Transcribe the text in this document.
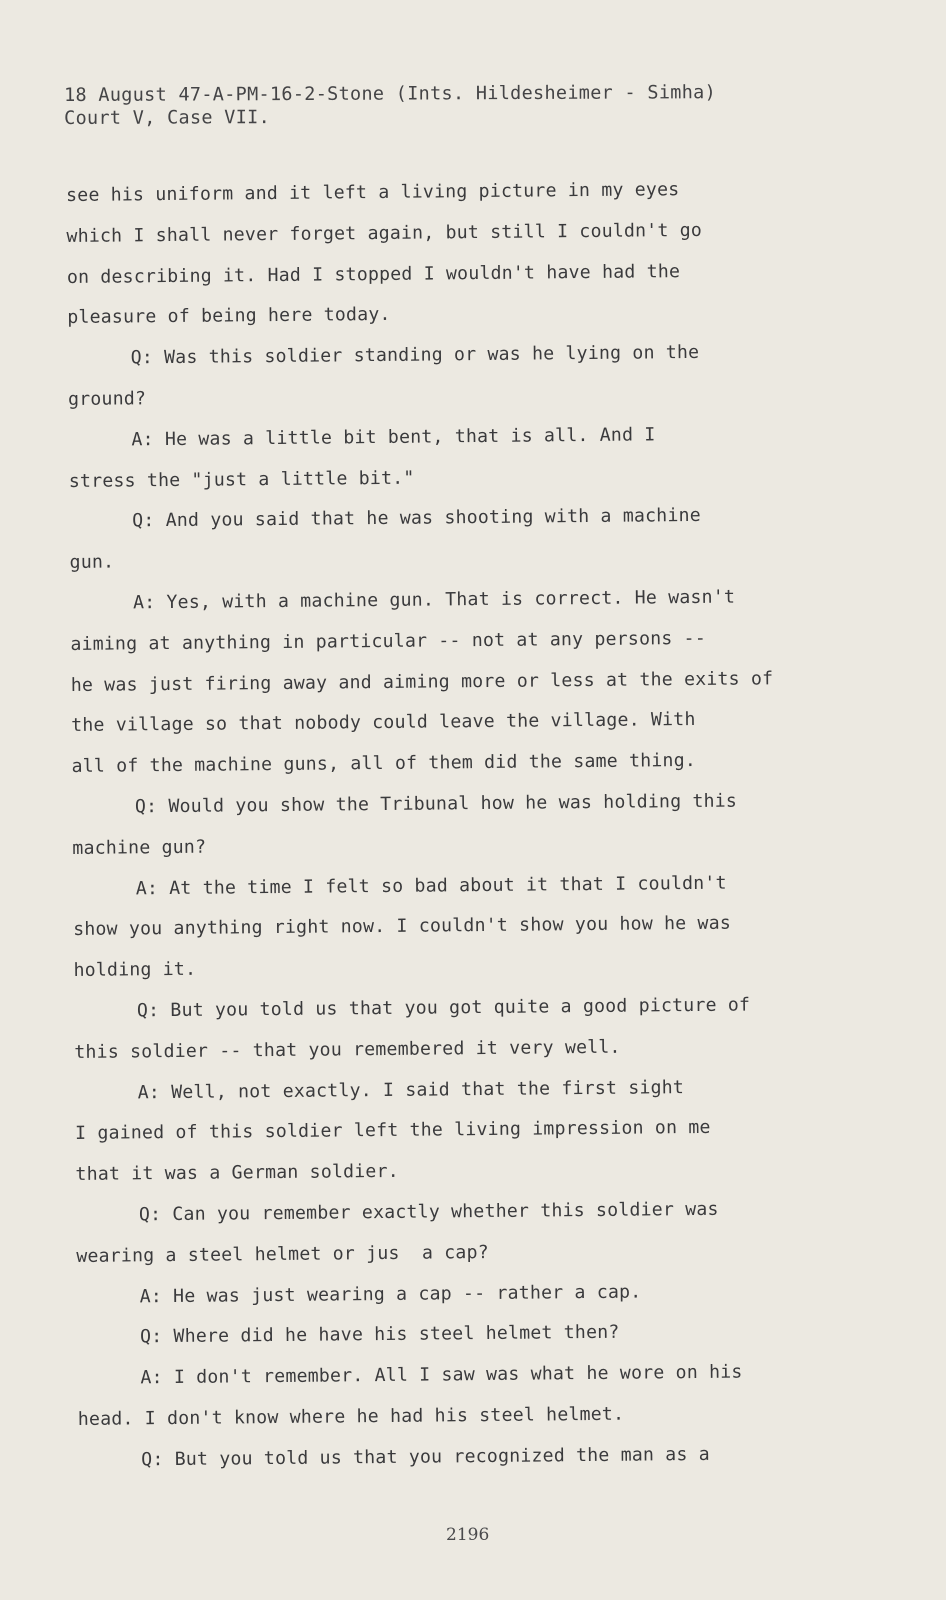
18 August 47-A-PM-16-2-Stone (Ints. Hildesheimer - Simha)
Court V, Case VII.
see his uniform and it left a living picture in my eyes
which I shall never forget again, but still I couldn't go
on describing it. Had I stopped I wouldn't have had the
pleasure of being here today.
Q: Was this soldier standing or was he lying on the
ground?
A: He was a little bit bent, that is all. And I
stress the "just a little bit."
Q: And you said that he was shooting with a machine
gun.
A: Yes, with a machine gun. That is correct. He wasn't
aiming at anything in particular -- not at any persons --
he was just firing away and aiming more or less at the exits of
the village so that nobody could leave the village. With
all of the machine guns, all of them did the same thing.
Q: Would you show the Tribunal how he was holding this
machine gun?
A: At the time I felt so bad about it that I couldn't
show you anything right now. I couldn't show you how he was
holding it.
Q: But you told us that you got quite a good picture of
this soldier -- that you remembered it very well.
A: Well, not exactly. I said that the first sight
I gained of this soldier left the living impression on me
that it was a German soldier.
Q: Can you remember exactly whether this soldier was
wearing a steel helmet or jus  a cap?
A: He was just wearing a cap -- rather a cap.
Q: Where did he have his steel helmet then?
A: I don't remember. All I saw was what he wore on his
head. I don't know where he had his steel helmet.
Q: But you told us that you recognized the man as a
2196
